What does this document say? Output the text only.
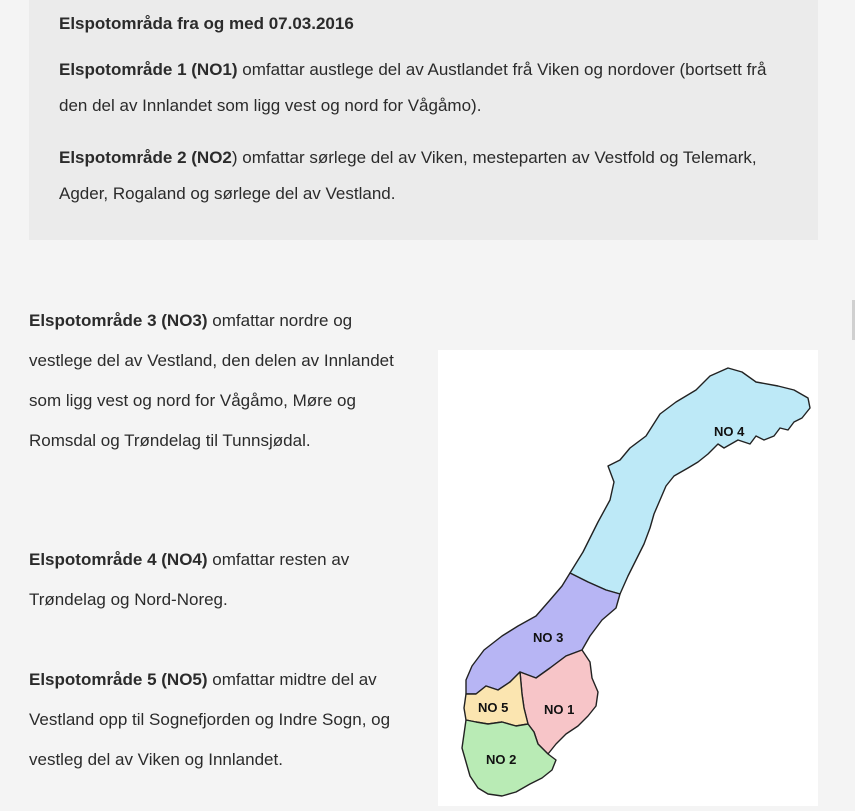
Elspotområda fra og med 07.03.2016

Elspotområde 1 (NO1) omfattar austlege del av Austlandet frå Viken og nordover (bortsett frå den del av Innlandet som ligg vest og nord for Vågåmo).

Elspotområde 2 (NO2) omfattar sørlege del av Viken, mesteparten av Vestfold og Telemark, Agder, Rogaland og sørlege del av Vestland.

Elspotområde 3 (NO3) omfattar nordre og vestlege del av Vestland, den delen av Innlandet som ligg vest og nord for Vågåmo, Møre og Romsdal og Trøndelag til Tunnsjødal.

Elspotområde 4 (NO4) omfattar resten av Trøndelag og Nord-Noreg.

Elspotområde 5 (NO5) omfattar midtre del av Vestland opp til Sognefjorden og Indre Sogn, og vestleg del av Viken og Innlandet.

NO 4
NO 3
NO 1
NO 5
NO 2
